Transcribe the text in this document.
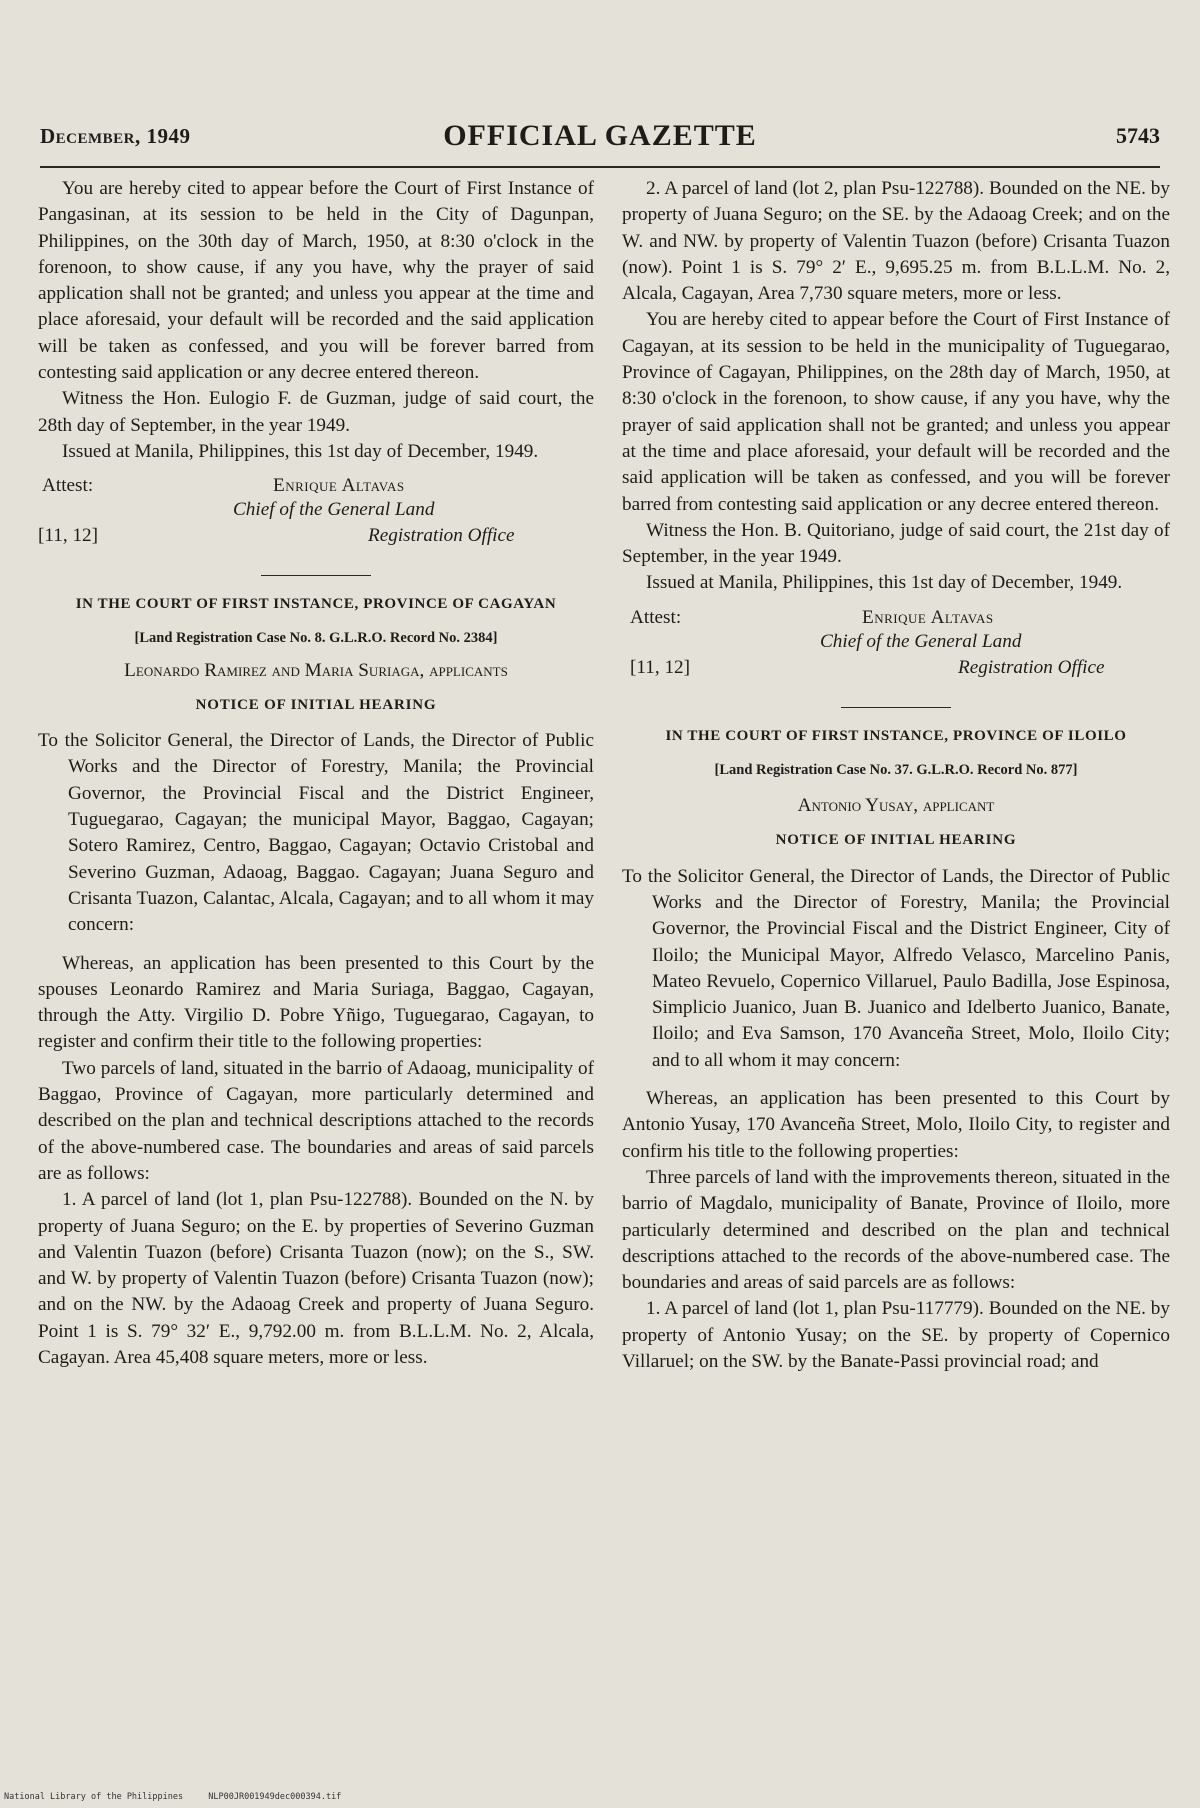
December, 1949	OFFICIAL GAZETTE	5743

You are hereby cited to appear before the Court of First Instance of Pangasinan, at its session to be held in the City of Dagunpan, Philippines, on the 30th day of March, 1950, at 8:30 o'clock in the forenoon, to show cause, if any you have, why the prayer of said application shall not be granted; and unless you appear at the time and place aforesaid, your default will be recorded and the said application will be taken as confessed, and you will be forever barred from contesting said application or any decree entered thereon.

Witness the Hon. Eulogio F. de Guzman, judge of said court, the 28th day of September, in the year 1949.

Issued at Manila, Philippines, this 1st day of December, 1949.

Attest:	Enrique Altavas
Chief of the General Land
Registration Office
[11, 12]

IN THE COURT OF FIRST INSTANCE, PROVINCE OF CAGAYAN

[Land Registration Case No. 8. G.L.R.O. Record No. 2384]

Leonardo Ramirez and Maria Suriaga, applicants

NOTICE OF INITIAL HEARING

To the Solicitor General, the Director of Lands, the Director of Public Works and the Director of Forestry, Manila; the Provincial Governor, the Provincial Fiscal and the District Engineer, Tuguegarao, Cagayan; the municipal Mayor, Baggao, Cagayan; Sotero Ramirez, Centro, Baggao, Cagayan; Octavio Cristobal and Severino Guzman, Adaoag, Baggao. Cagayan; Juana Seguro and Crisanta Tuazon, Calantac, Alcala, Cagayan; and to all whom it may concern:

Whereas, an application has been presented to this Court by the spouses Leonardo Ramirez and Maria Suriaga, Baggao, Cagayan, through the Atty. Virgilio D. Pobre Yñigo, Tuguegarao, Cagayan, to register and confirm their title to the following properties:

Two parcels of land, situated in the barrio of Adaoag, municipality of Baggao, Province of Cagayan, more particularly determined and described on the plan and technical descriptions attached to the records of the above-numbered case. The boundaries and areas of said parcels are as follows:

1. A parcel of land (lot 1, plan Psu-122788). Bounded on the N. by property of Juana Seguro; on the E. by properties of Severino Guzman and Valentin Tuazon (before) Crisanta Tuazon (now); on the S., SW. and W. by property of Valentin Tuazon (before) Crisanta Tuazon (now); and on the NW. by the Adaoag Creek and property of Juana Seguro. Point 1 is S. 79° 32′ E., 9,792.00 m. from B.L.L.M. No. 2, Alcala, Cagayan. Area 45,408 square meters, more or less.

2. A parcel of land (lot 2, plan Psu-122788). Bounded on the NE. by property of Juana Seguro; on the SE. by the Adaoag Creek; and on the W. and NW. by property of Valentin Tuazon (before) Crisanta Tuazon (now). Point 1 is S. 79° 2′ E., 9,695.25 m. from B.L.L.M. No. 2, Alcala, Cagayan, Area 7,730 square meters, more or less.

You are hereby cited to appear before the Court of First Instance of Cagayan, at its session to be held in the municipality of Tuguegarao, Province of Cagayan, Philippines, on the 28th day of March, 1950, at 8:30 o'clock in the forenoon, to show cause, if any you have, why the prayer of said application shall not be granted; and unless you appear at the time and place aforesaid, your default will be recorded and the said application will be taken as confessed, and you will be forever barred from contesting said application or any decree entered thereon.

Witness the Hon. B. Quitoriano, judge of said court, the 21st day of September, in the year 1949.

Issued at Manila, Philippines, this 1st day of December, 1949.

Attest:	Enrique Altavas
Chief of the General Land
Registration Office
[11, 12]

IN THE COURT OF FIRST INSTANCE, PROVINCE OF ILOILO

[Land Registration Case No. 37. G.L.R.O. Record No. 877]

Antonio Yusay, applicant

NOTICE OF INITIAL HEARING

To the Solicitor General, the Director of Lands, the Director of Public Works and the Director of Forestry, Manila; the Provincial Governor, the Provincial Fiscal and the District Engineer, City of Iloilo; the Municipal Mayor, Alfredo Velasco, Marcelino Panis, Mateo Revuelo, Copernico Villaruel, Paulo Badilla, Jose Espinosa, Simplicio Juanico, Juan B. Juanico and Idelberto Juanico, Banate, Iloilo; and Eva Samson, 170 Avanceña Street, Molo, Iloilo City; and to all whom it may concern:

Whereas, an application has been presented to this Court by Antonio Yusay, 170 Avanceña Street, Molo, Iloilo City, to register and confirm his title to the following properties:

Three parcels of land with the improvements thereon, situated in the barrio of Magdalo, municipality of Banate, Province of Iloilo, more particularly determined and described on the plan and technical descriptions attached to the records of the above-numbered case. The boundaries and areas of said parcels are as follows:

1. A parcel of land (lot 1, plan Psu-117779). Bounded on the NE. by property of Antonio Yusay; on the SE. by property of Copernico Villaruel; on the SW. by the Banate-Passi provincial road; and

National Library of the Philippines	NLP00JR001949dec000394.tif
